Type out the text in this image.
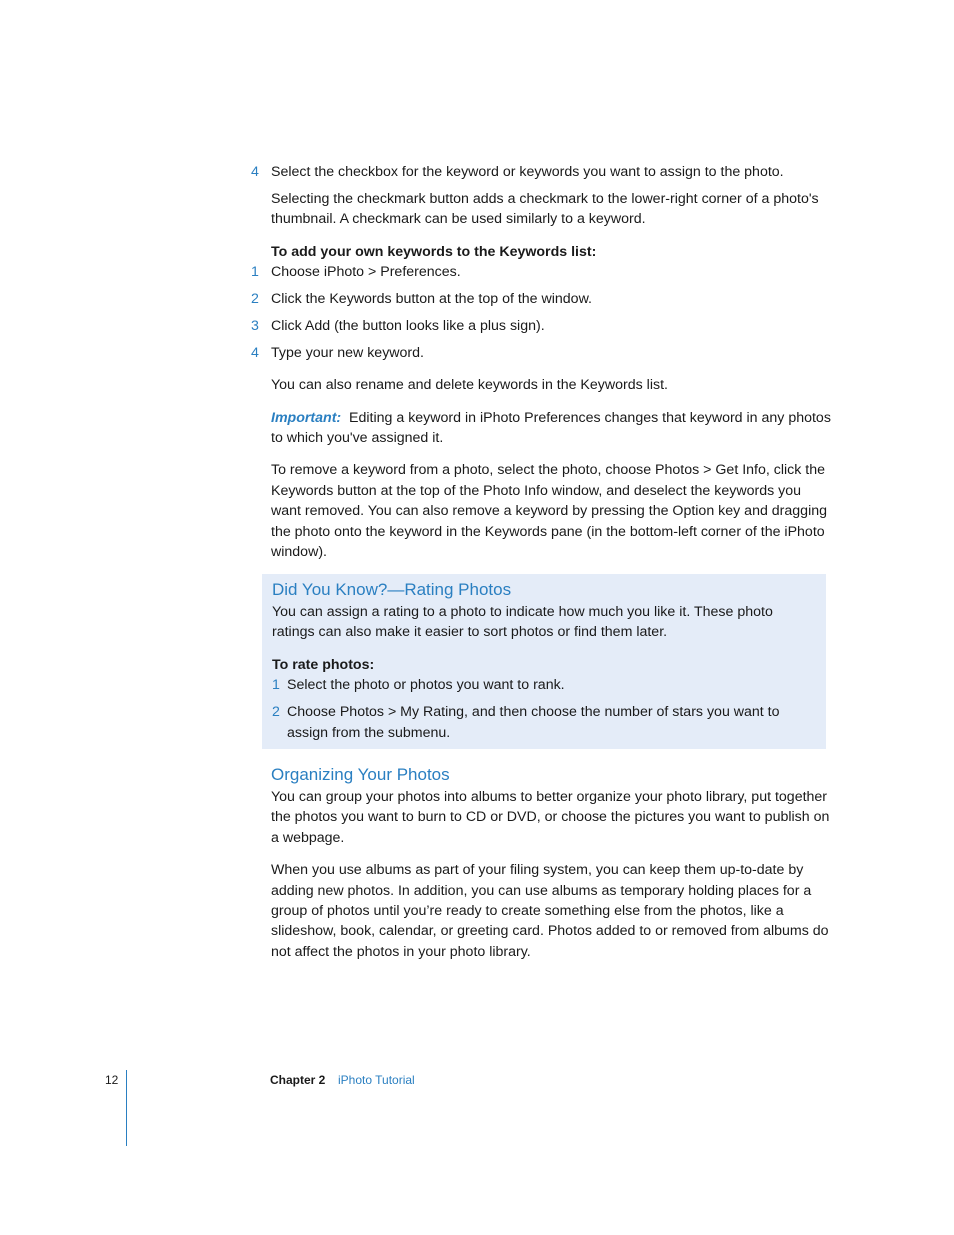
4 Select the checkbox for the keyword or keywords you want to assign to the photo.

Selecting the checkmark button adds a checkmark to the lower-right corner of a photo's thumbnail. A checkmark can be used similarly to a keyword.

To add your own keywords to the Keywords list:

1 Choose iPhoto > Preferences.

2 Click the Keywords button at the top of the window.

3 Click Add (the button looks like a plus sign).

4 Type your new keyword.

You can also rename and delete keywords in the Keywords list.

Important: Editing a keyword in iPhoto Preferences changes that keyword in any photos to which you've assigned it.

To remove a keyword from a photo, select the photo, choose Photos > Get Info, click the Keywords button at the top of the Photo Info window, and deselect the keywords you want removed. You can also remove a keyword by pressing the Option key and dragging the photo onto the keyword in the Keywords pane (in the bottom-left corner of the iPhoto window).

Did You Know?—Rating Photos

You can assign a rating to a photo to indicate how much you like it. These photo ratings can also make it easier to sort photos or find them later.

To rate photos:

1 Select the photo or photos you want to rank.

2 Choose Photos > My Rating, and then choose the number of stars you want to assign from the submenu.

Organizing Your Photos

You can group your photos into albums to better organize your photo library, put together the photos you want to burn to CD or DVD, or choose the pictures you want to publish on a webpage.

When you use albums as part of your filing system, you can keep them up-to-date by adding new photos. In addition, you can use albums as temporary holding places for a group of photos until you’re ready to create something else from the photos, like a slideshow, book, calendar, or greeting card. Photos added to or removed from albums do not affect the photos in your photo library.

12	Chapter 2 iPhoto Tutorial
